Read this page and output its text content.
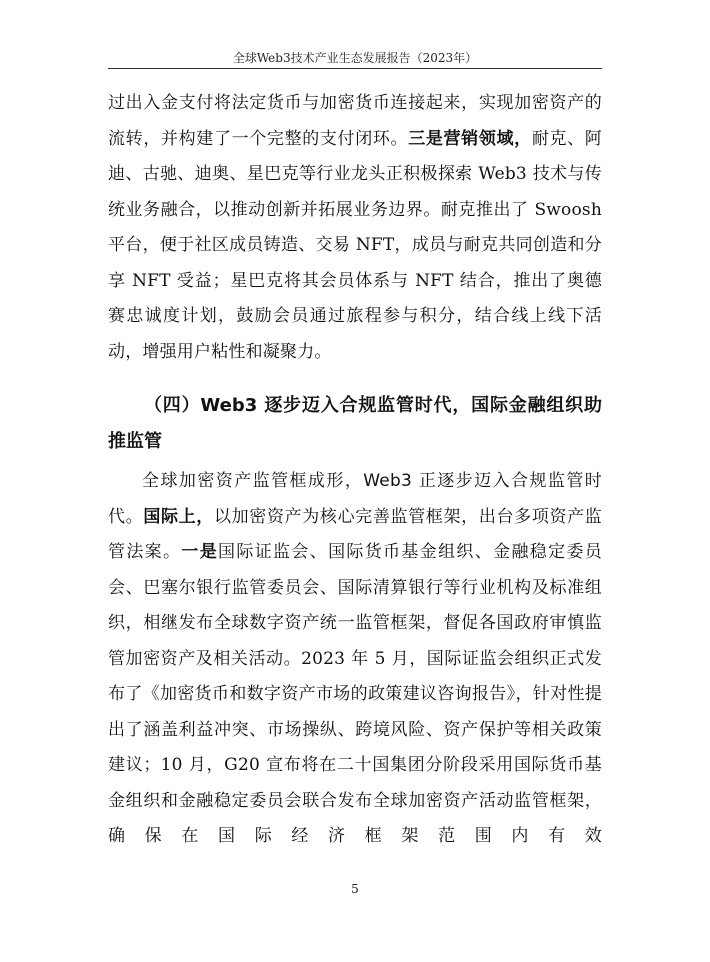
全球Web3技术产业生态发展报告（2023年）
过出入金支付将法定货币与加密货币连接起来，实现加密资产的流转，并构建了一个完整的支付闭环。三是营销领域，耐克、阿迪、古驰、迪奥、星巴克等行业龙头正积极探索 Web3 技术与传统业务融合，以推动创新并拓展业务边界。耐克推出了 Swoosh 平台，便于社区成员铸造、交易 NFT，成员与耐克共同创造和分享 NFT 受益；星巴克将其会员体系与 NFT 结合，推出了奥德赛忠诚度计划，鼓励会员通过旅程参与积分，结合线上线下活动，增强用户粘性和凝聚力。
（四）Web3 逐步迈入合规监管时代，国际金融组织助推监管
全球加密资产监管框成形，Web3 正逐步迈入合规监管时代。国际上，以加密资产为核心完善监管框架，出台多项资产监管法案。一是国际证监会、国际货币基金组织、金融稳定委员会、巴塞尔银行监管委员会、国际清算银行等行业机构及标准组织，相继发布全球数字资产统一监管框架，督促各国政府审慎监管加密资产及相关活动。2023 年 5 月，国际证监会组织正式发布了《加密货币和数字资产市场的政策建议咨询报告》，针对性提出了涵盖利益冲突、市场操纵、跨境风险、资产保护等相关政策建议；10 月，G20 宣布将在二十国集团分阶段采用国际货币基金组织和金融稳定委员会联合发布全球加密资产活动监管框架，确保在国际经济框架范围内有效
5
